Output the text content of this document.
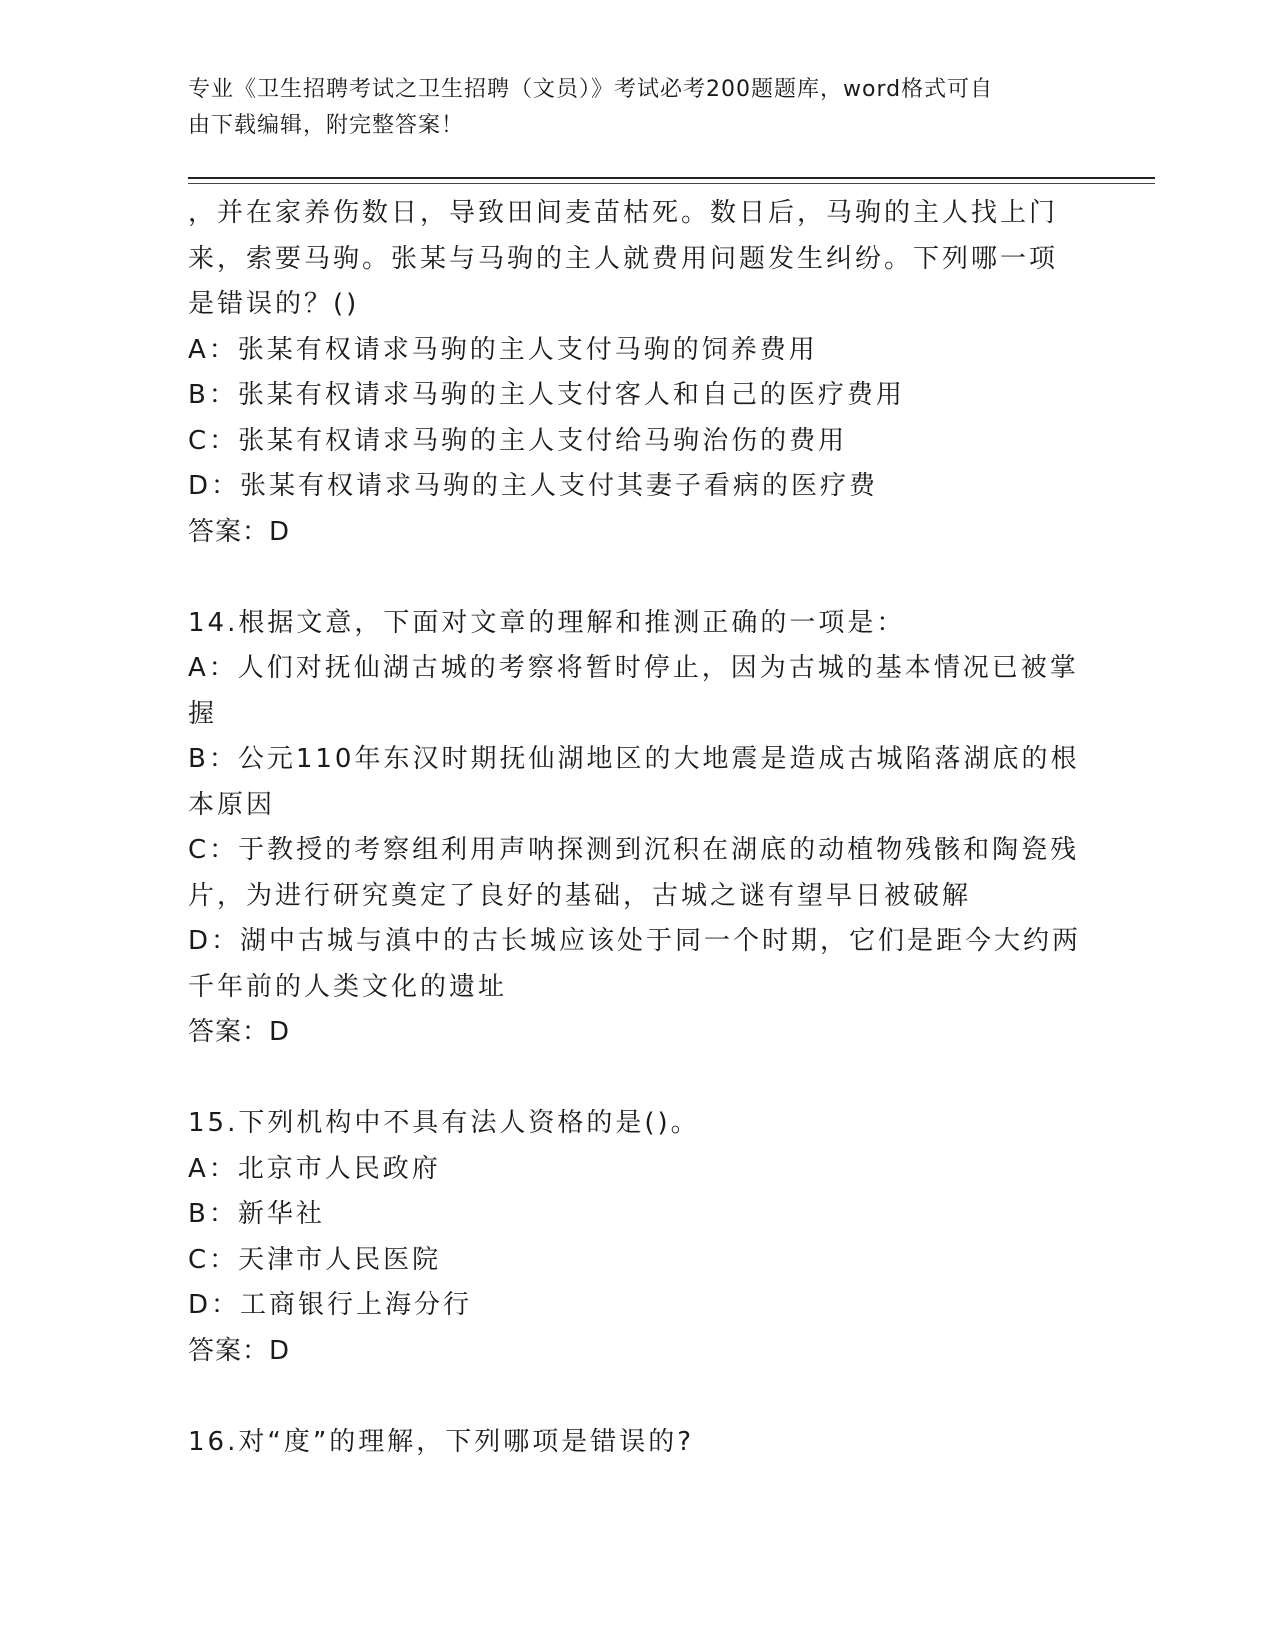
专业《卫生招聘考试之卫生招聘（文员）》考试必考200题题库，word格式可自
由下载编辑，附完整答案！
，并在家养伤数日，导致田间麦苗枯死。数日后，马驹的主人找上门
来，索要马驹。张某与马驹的主人就费用问题发生纠纷。下列哪一项
是错误的？()
A：张某有权请求马驹的主人支付马驹的饲养费用
B：张某有权请求马驹的主人支付客人和自己的医疗费用
C：张某有权请求马驹的主人支付给马驹治伤的费用
D：张某有权请求马驹的主人支付其妻子看病的医疗费
答案：D
14.根据文意，下面对文章的理解和推测正确的一项是：
A：人们对抚仙湖古城的考察将暂时停止，因为古城的基本情况已被掌
握
B：公元110年东汉时期抚仙湖地区的大地震是造成古城陷落湖底的根
本原因
C：于教授的考察组利用声呐探测到沉积在湖底的动植物残骸和陶瓷残
片，为进行研究奠定了良好的基础，古城之谜有望早日被破解
D：湖中古城与滇中的古长城应该处于同一个时期，它们是距今大约两
千年前的人类文化的遗址
答案：D
15.下列机构中不具有法人资格的是()。
A：北京市人民政府
B：新华社
C：天津市人民医院
D：工商银行上海分行
答案：D
16.对“度”的理解，下列哪项是错误的?
